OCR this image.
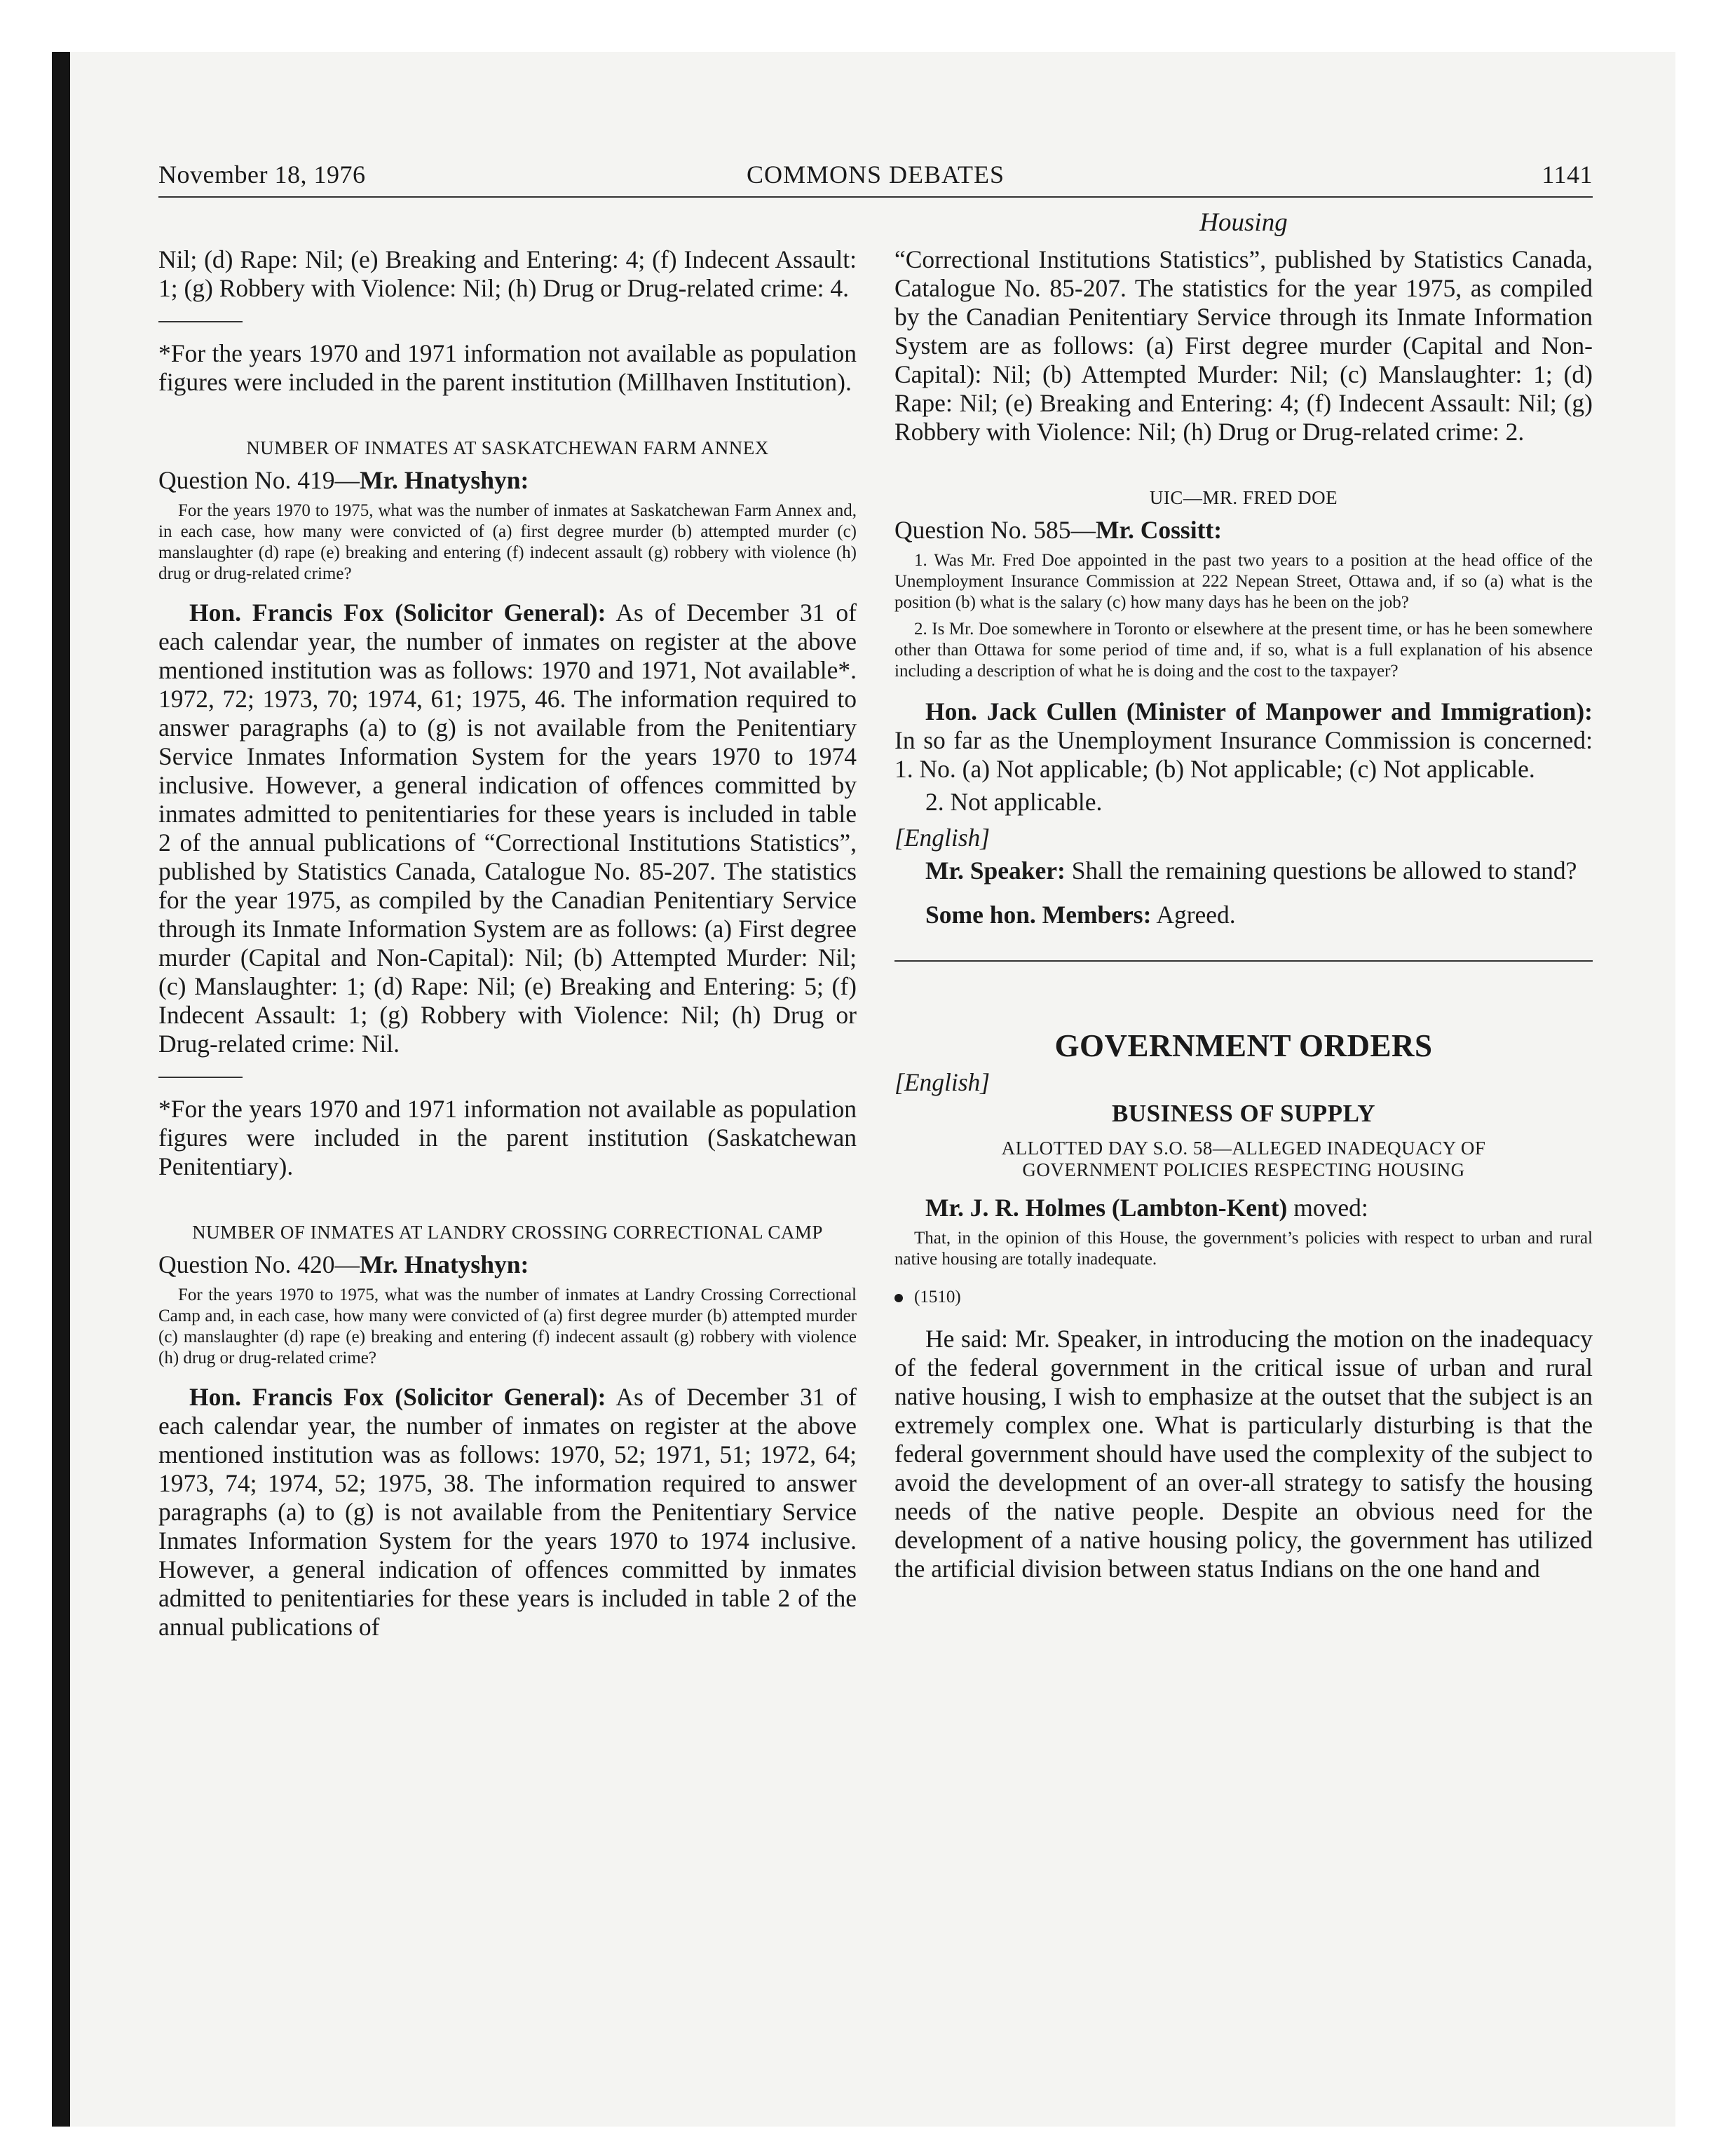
November 18, 1976	COMMONS DEBATES	1141
Housing

Nil; (d) Rape: Nil; (e) Breaking and Entering: 4; (f) Indecent Assault: 1; (g) Robbery with Violence: Nil; (h) Drug or Drug-related crime: 4.

*For the years 1970 and 1971 information not available as population figures were included in the parent institution (Millhaven Institution).

NUMBER OF INMATES AT SASKATCHEWAN FARM ANNEX

Question No. 419—Mr. Hnatyshyn:

For the years 1970 to 1975, what was the number of inmates at Saskatchewan Farm Annex and, in each case, how many were convicted of (a) first degree murder (b) attempted murder (c) manslaughter (d) rape (e) breaking and entering (f) indecent assault (g) robbery with violence (h) drug or drug-related crime?

Hon. Francis Fox (Solicitor General): As of December 31 of each calendar year, the number of inmates on register at the above mentioned institution was as follows: 1970 and 1971, Not available*. 1972, 72; 1973, 70; 1974, 61; 1975, 46. The information required to answer paragraphs (a) to (g) is not available from the Penitentiary Service Inmates Information System for the years 1970 to 1974 inclusive. However, a general indication of offences committed by inmates admitted to penitentiaries for these years is included in table 2 of the annual publications of “Correctional Institutions Statistics”, published by Statistics Canada, Catalogue No. 85-207. The statistics for the year 1975, as compiled by the Canadian Penitentiary Service through its Inmate Information System are as follows: (a) First degree murder (Capital and Non-Capital): Nil; (b) Attempted Murder: Nil; (c) Manslaughter: 1; (d) Rape: Nil; (e) Breaking and Entering: 5; (f) Indecent Assault: 1; (g) Robbery with Violence: Nil; (h) Drug or Drug-related crime: Nil.

*For the years 1970 and 1971 information not available as population figures were included in the parent institution (Saskatchewan Penitentiary).

NUMBER OF INMATES AT LANDRY CROSSING CORRECTIONAL CAMP

Question No. 420—Mr. Hnatyshyn:

For the years 1970 to 1975, what was the number of inmates at Landry Crossing Correctional Camp and, in each case, how many were convicted of (a) first degree murder (b) attempted murder (c) manslaughter (d) rape (e) breaking and entering (f) indecent assault (g) robbery with violence (h) drug or drug-related crime?

Hon. Francis Fox (Solicitor General): As of December 31 of each calendar year, the number of inmates on register at the above mentioned institution was as follows: 1970, 52; 1971, 51; 1972, 64; 1973, 74; 1974, 52; 1975, 38. The information required to answer paragraphs (a) to (g) is not available from the Penitentiary Service Inmates Information System for the years 1970 to 1974 inclusive. However, a general indication of offences committed by inmates admitted to penitentiaries for these years is included in table 2 of the annual publications of

“Correctional Institutions Statistics”, published by Statistics Canada, Catalogue No. 85-207. The statistics for the year 1975, as compiled by the Canadian Penitentiary Service through its Inmate Information System are as follows: (a) First degree murder (Capital and Non-Capital): Nil; (b) Attempted Murder: Nil; (c) Manslaughter: 1; (d) Rape: Nil; (e) Breaking and Entering: 4; (f) Indecent Assault: Nil; (g) Robbery with Violence: Nil; (h) Drug or Drug-related crime: 2.

UIC—MR. FRED DOE

Question No. 585—Mr. Cossitt:

1. Was Mr. Fred Doe appointed in the past two years to a position at the head office of the Unemployment Insurance Commission at 222 Nepean Street, Ottawa and, if so (a) what is the position (b) what is the salary (c) how many days has he been on the job?

2. Is Mr. Doe somewhere in Toronto or elsewhere at the present time, or has he been somewhere other than Ottawa for some period of time and, if so, what is a full explanation of his absence including a description of what he is doing and the cost to the taxpayer?

Hon. Jack Cullen (Minister of Manpower and Immigration): In so far as the Unemployment Insurance Commission is concerned: 1. No. (a) Not applicable; (b) Not applicable; (c) Not applicable.

2. Not applicable.

[English]

Mr. Speaker: Shall the remaining questions be allowed to stand?

Some hon. Members: Agreed.

GOVERNMENT ORDERS

[English]

BUSINESS OF SUPPLY

ALLOTTED DAY S.O. 58—ALLEGED INADEQUACY OF GOVERNMENT POLICIES RESPECTING HOUSING

Mr. J. R. Holmes (Lambton-Kent) moved:

That, in the opinion of this House, the government’s policies with respect to urban and rural native housing are totally inadequate.

(1510)

He said: Mr. Speaker, in introducing the motion on the inadequacy of the federal government in the critical issue of urban and rural native housing, I wish to emphasize at the outset that the subject is an extremely complex one. What is particularly disturbing is that the federal government should have used the complexity of the subject to avoid the development of an over-all strategy to satisfy the housing needs of the native people. Despite an obvious need for the development of a native housing policy, the government has utilized the artificial division between status Indians on the one hand and
